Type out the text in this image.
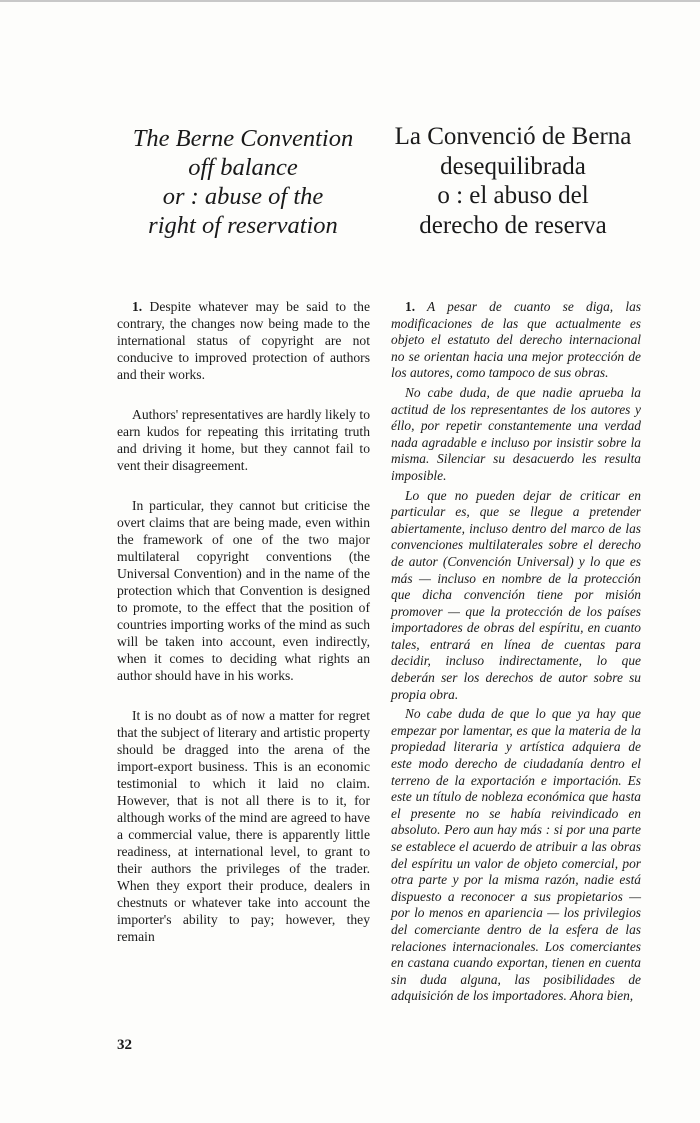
The Berne Convention
off balance
or : abuse of the
right of reservation
La Convenció de Berna
desequilibrada
o : el abuso del
derecho de reserva

1. Despite whatever may be said to the contrary, the changes now being made to the international status of copyright are not conducive to improved protection of authors and their works.

Authors' representatives are hardly likely to earn kudos for repeating this irritating truth and driving it home, but they cannot fail to vent their disagreement.

In particular, they cannot but criticise the overt claims that are being made, even within the framework of one of the two major multilateral copyright conventions (the Universal Convention) and in the name of the protection which that Convention is designed to promote, to the effect that the position of countries importing works of the mind as such will be taken into account, even indirectly, when it comes to deciding what rights an author should have in his works.

It is no doubt as of now a matter for regret that the subject of literary and artistic property should be dragged into the arena of the import-export business. This is an economic testimonial to which it laid no claim. However, that is not all there is to it, for although works of the mind are agreed to have a commercial value, there is apparently little readiness, at international level, to grant to their authors the privileges of the trader. When they export their produce, dealers in chestnuts or whatever take into account the importer's ability to pay; however, they remain

1. A pesar de cuanto se diga, las modificaciones de las que actualmente es objeto el estatuto del derecho internacional no se orientan hacia una mejor protección de los autores, como tampoco de sus obras.

No cabe duda, de que nadie aprueba la actitud de los representantes de los autores y éllo, por repetir constantemente una verdad nada agradable e incluso por insistir sobre la misma. Silenciar su desacuerdo les resulta imposible.

Lo que no pueden dejar de criticar en particular es, que se llegue a pretender abiertamente, incluso dentro del marco de las convenciones multilaterales sobre el derecho de autor (Convención Universal) y lo que es más — incluso en nombre de la protección que dicha convención tiene por misión promover — que la protección de los países importadores de obras del espíritu, en cuanto tales, entrará en línea de cuentas para decidir, incluso indirectamente, lo que deberán ser los derechos de autor sobre su propia obra.

No cabe duda de que lo que ya hay que empezar por lamentar, es que la materia de la propiedad literaria y artística adquiera de este modo derecho de ciudadanía dentro el terreno de la exportación e importación. Es este un título de nobleza económica que hasta el presente no se había reivindicado en absoluto. Pero aun hay más : si por una parte se establece el acuerdo de atribuir a las obras del espíritu un valor de objeto comercial, por otra parte y por la misma razón, nadie está dispuesto a reconocer a sus propietarios — por lo menos en apariencia — los privilegios del comerciante dentro de la esfera de las relaciones internacionales. Los comerciantes en castana cuando exportan, tienen en cuenta sin duda alguna, las posibilidades de adquisición de los importadores. Ahora bien,

32
